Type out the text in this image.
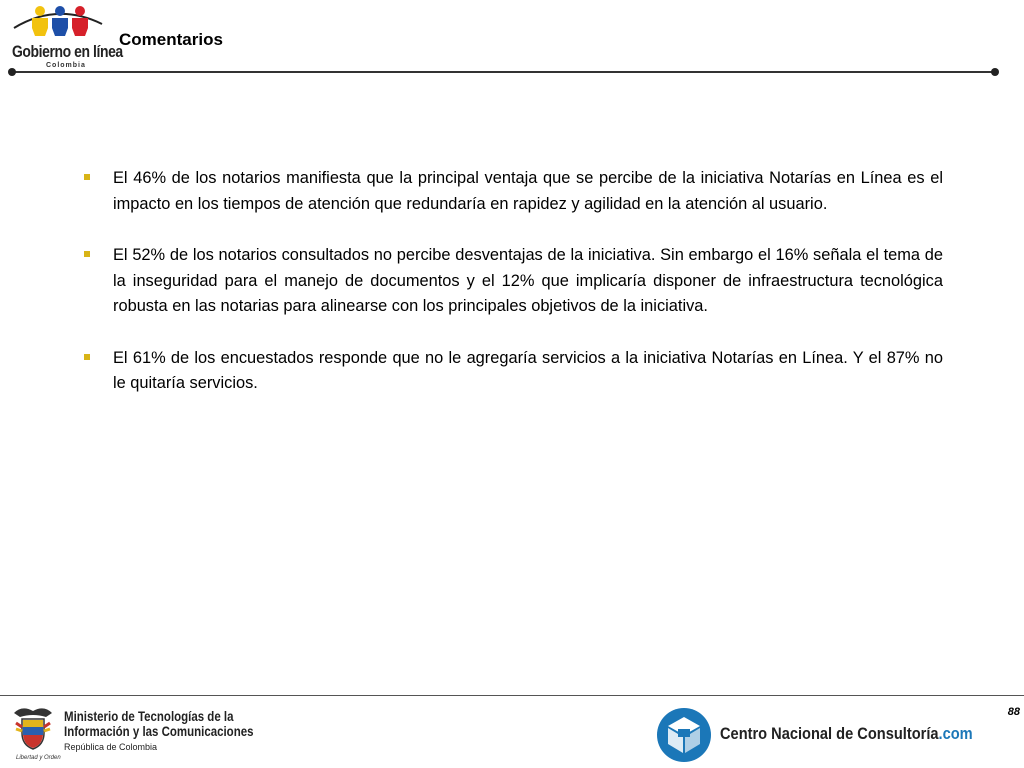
Gobierno en línea
Colombia
Comentarios
El 46% de los notarios manifiesta que la principal ventaja que se percibe de la iniciativa Notarías en Línea es el impacto en los tiempos de atención que redundaría en rapidez y agilidad en la atención al usuario.
El 52% de los notarios consultados no percibe desventajas de la iniciativa. Sin embargo el 16% señala el tema de la inseguridad para el manejo de documentos y el 12% que implicaría disponer de infraestructura tecnológica robusta en las notarias para alinearse con los principales objetivos de la iniciativa.
El 61% de los encuestados responde que no le agregaría servicios a la iniciativa Notarías en Línea. Y el 87% no le quitaría servicios.
88
Libertad y Orden
Ministerio de Tecnologías de la
Información y las Comunicaciones
República de Colombia
Centro Nacional de Consultoría.com
